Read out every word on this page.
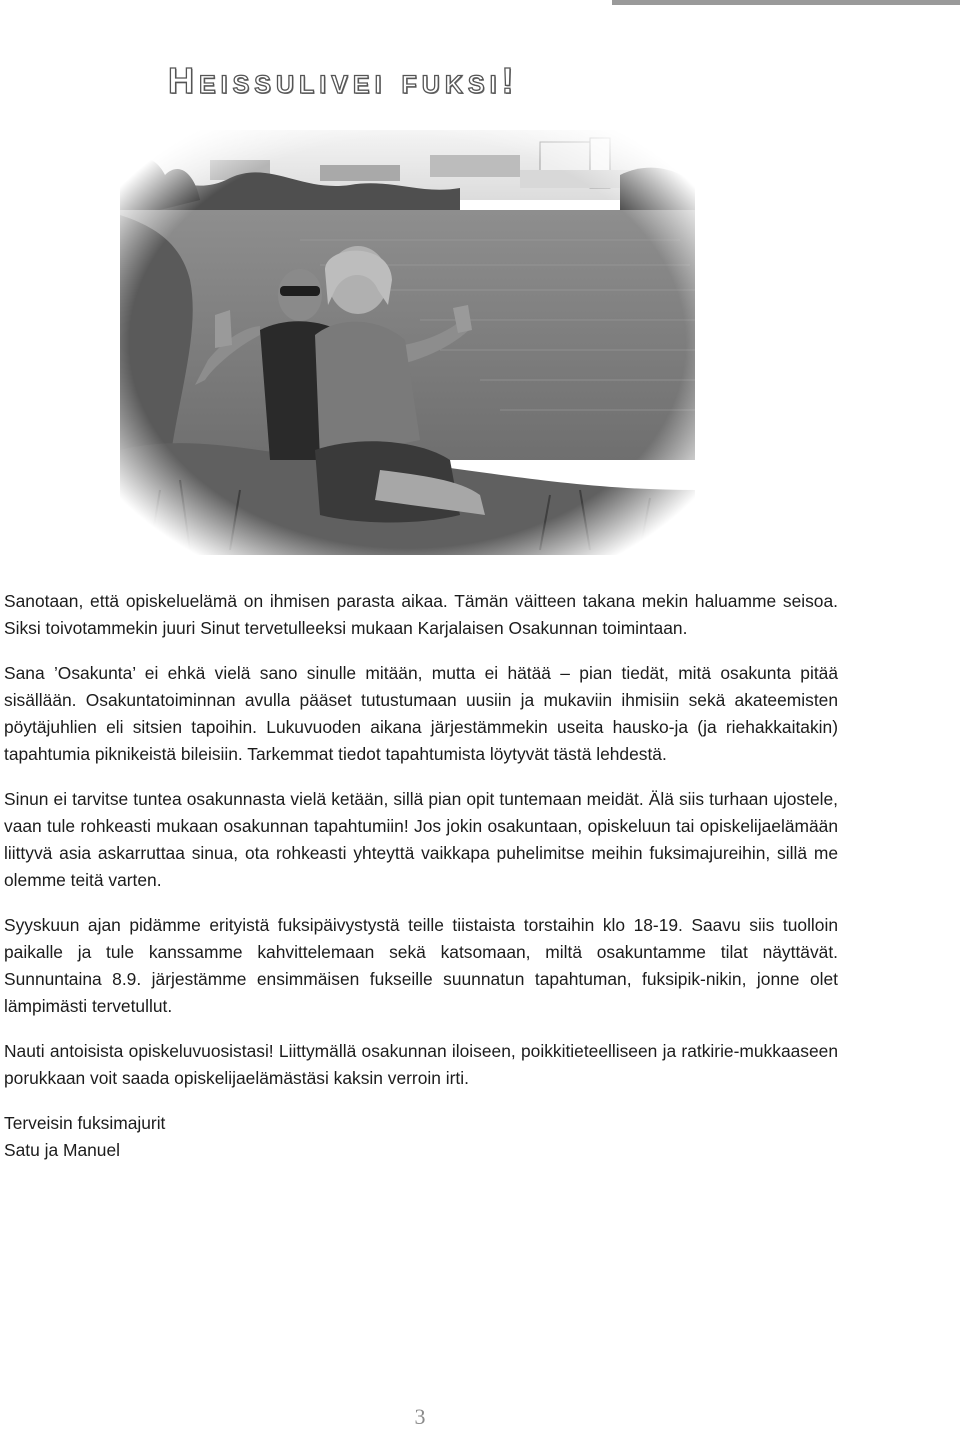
Heissulivei fuksi!

Sanotaan, että opiskeluelämä on ihmisen parasta aikaa. Tämän väitteen takana mekin haluamme seisoa. Siksi toivotammekin juuri Sinut tervetulleeksi mukaan Karjalaisen Osakunnan toimintaan.

Sana ’Osakunta’ ei ehkä vielä sano sinulle mitään, mutta ei hätää – pian tiedät, mitä osakunta pitää sisällään. Osakuntatoiminnan avulla pääset tutustumaan uusiin ja mukaviin ihmisiin sekä akateemisten pöytäjuhlien eli sitsien tapoihin. Lukuvuoden aikana järjestämmekin useita hausko-ja (ja riehakkaitakin) tapahtumia piknikeistä bileisiin. Tarkemmat tiedot tapahtumista löytyvät tästä lehdestä.

Sinun ei tarvitse tuntea osakunnasta vielä ketään, sillä pian opit tuntemaan meidät. Älä siis turhaan ujostele, vaan tule rohkeasti mukaan osakunnan tapahtumiin! Jos jokin osakuntaan, opiskeluun tai opiskelijaelämään liittyvä asia askarruttaa sinua, ota rohkeasti yhteyttä vaikkapa puhelimitse meihin fuksimajureihin, sillä me olemme teitä varten.

Syyskuun ajan pidämme erityistä fuksipäivystystä teille tiistaista torstaihin klo 18-19. Saavu siis tuolloin paikalle ja tule kanssamme kahvittelemaan sekä katsomaan, miltä osakuntamme tilat näyttävät. Sunnuntaina 8.9. järjestämme ensimmäisen fukseille suunnatun tapahtuman, fuksipik-nikin, jonne olet lämpimästi tervetullut.

Nauti antoisista opiskeluvuosistasi! Liittymällä osakunnan iloiseen, poikkitieteelliseen ja ratkirie-mukkaaseen porukkaan voit saada opiskelijaelämästäsi kaksin verroin irti.

Terveisin fuksimajurit
Satu ja Manuel
3
